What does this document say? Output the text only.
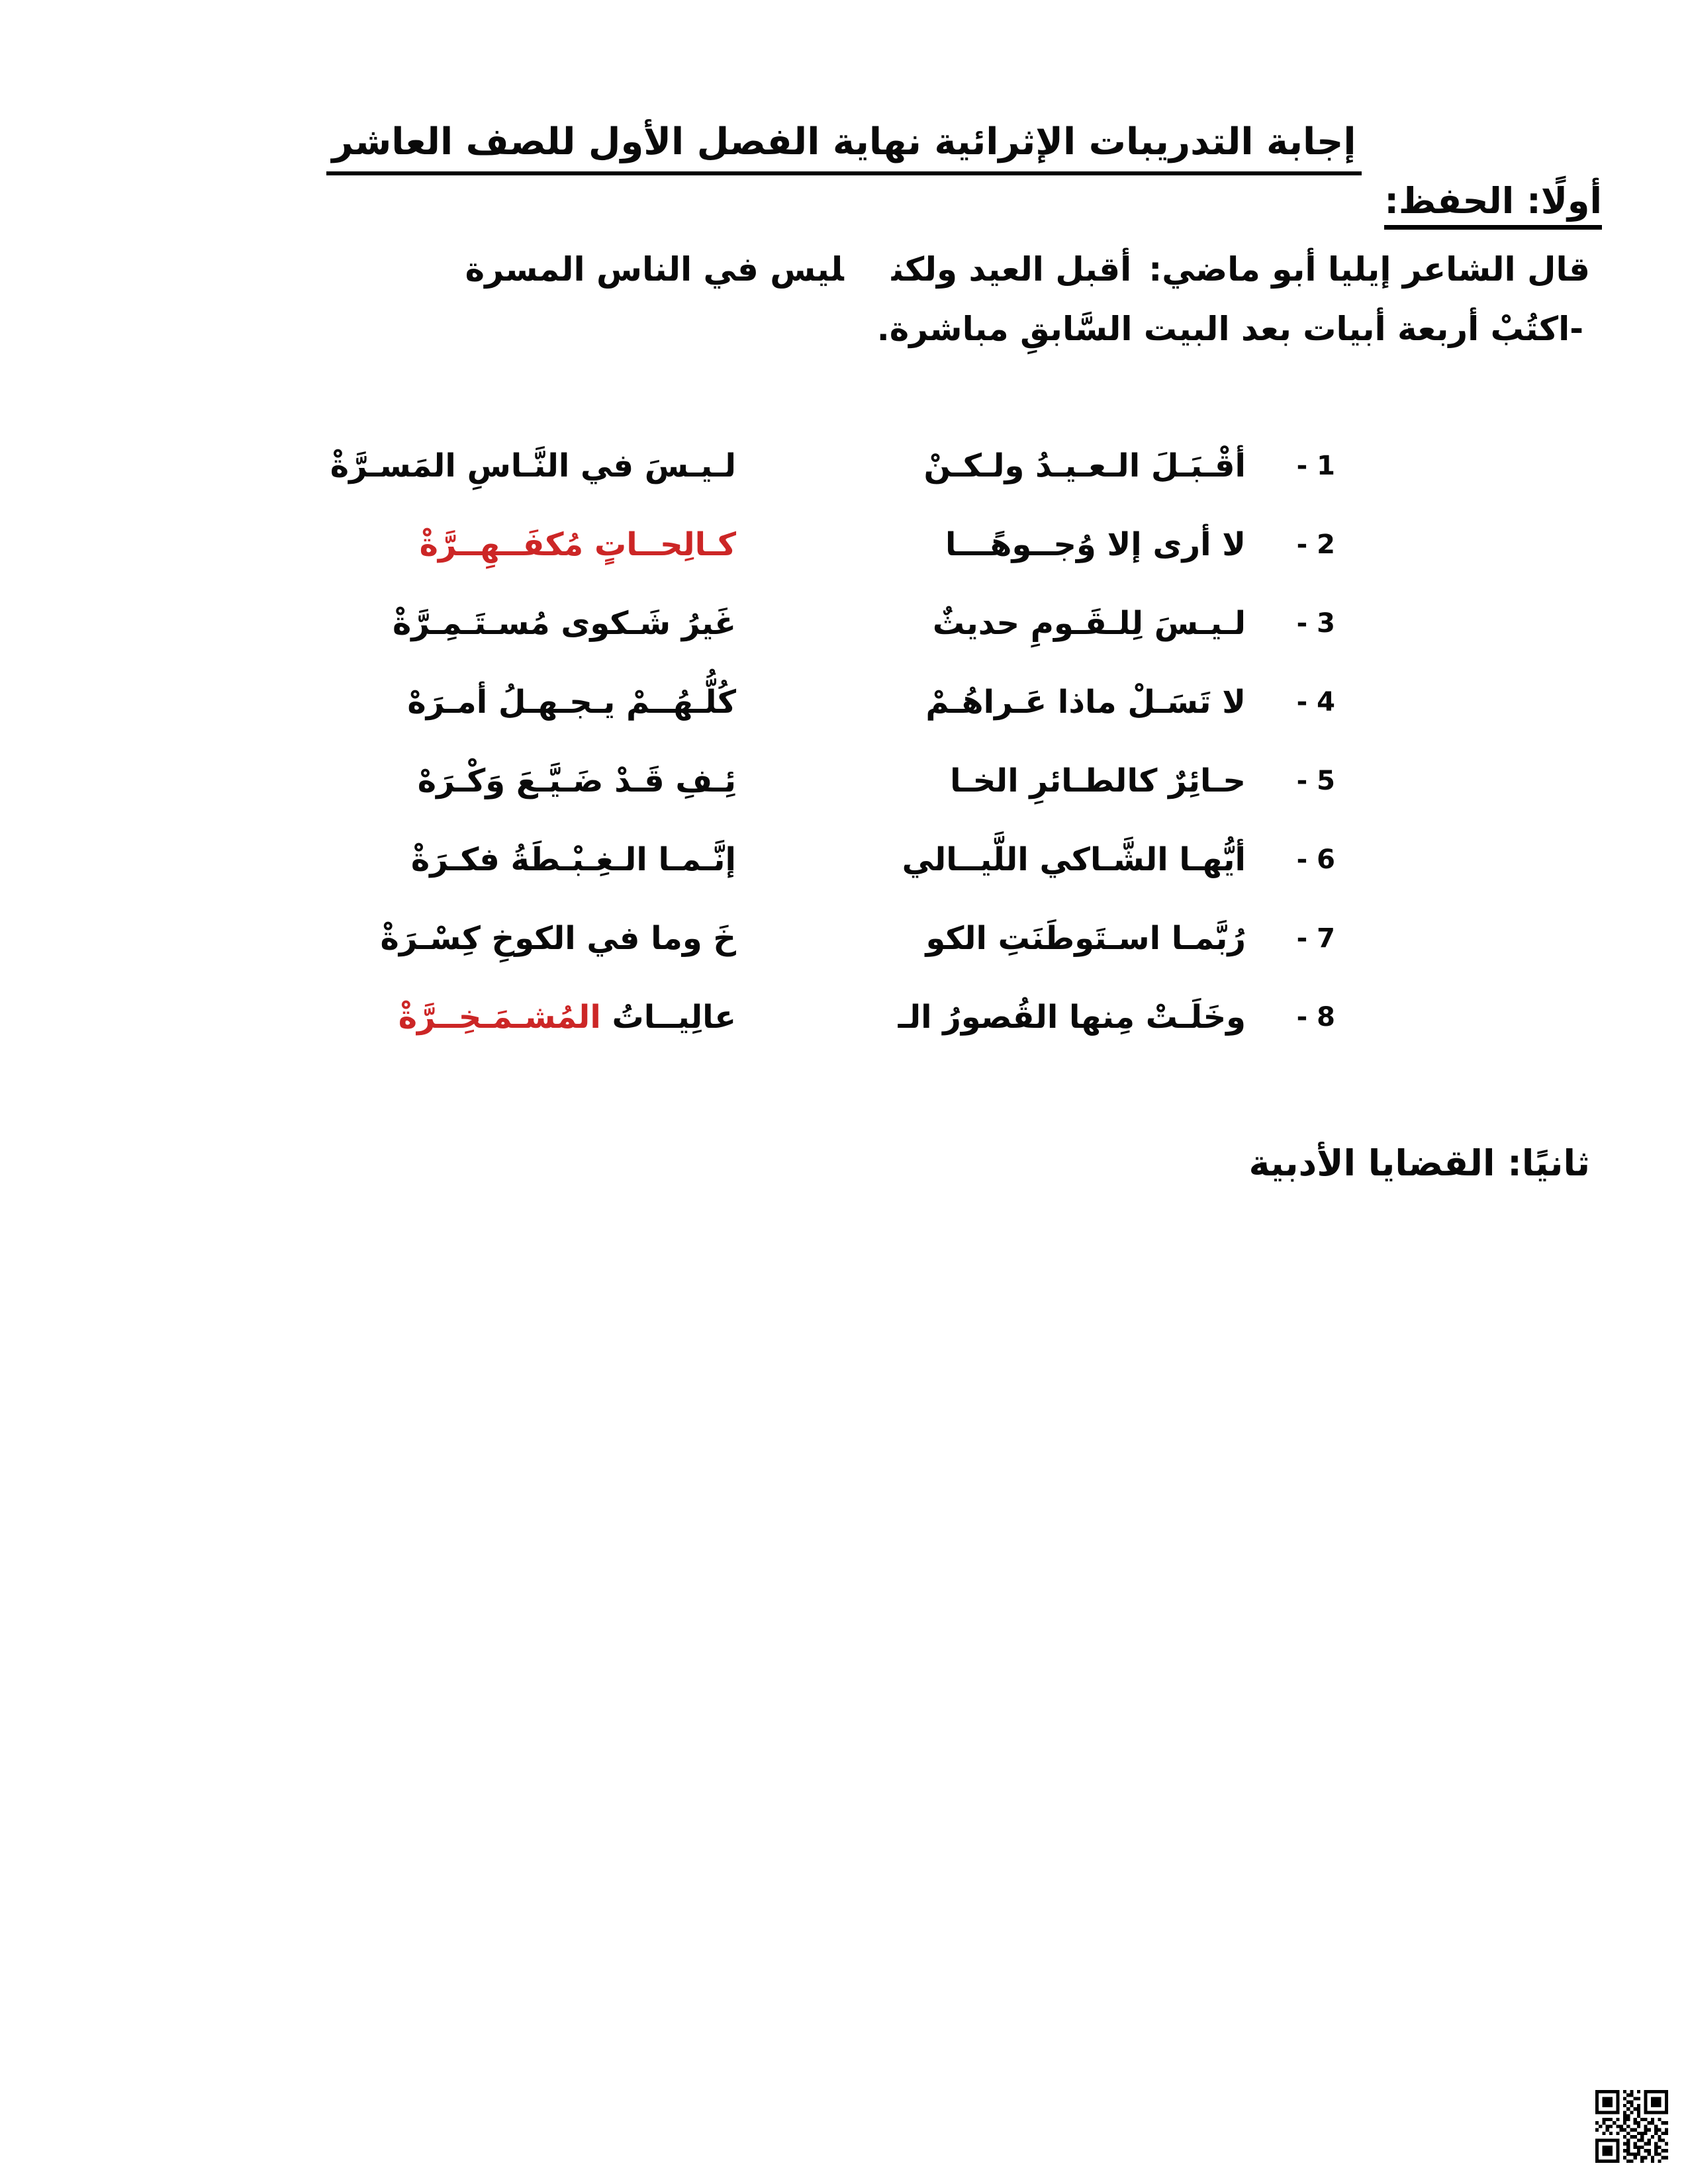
إجابة التدريبات الإثرائية نهاية الفصل الأول للصف العاشر
أولًا: الحفظ:
قال الشاعر إيليا أبو ماضي:أقبل العيد ولكنليس في الناس المسرة
-اكتُبْ أربعة أبيات بعد البيت السَّابقِ مباشرة.
1 -
أقْـبَـلَ الـعـيـدُ ولـكـنْ
لـيـسَ في النَّـاسِ المَسـرَّةْ
2 -
لا أرى إلا وُجــوهًـــا
كـالِحــاتٍ مُكفَــهِــرَّةْ
3 -
لـيـسَ لِلـقَـومِ حديثٌ
غَيرُ شَـكوى مُسـتَـمِـرَّةْ
4 -
لا تَسَـلْ ماذا عَـراهُـمْ
كُلُّـهُــمْ يـجـهـلُ أمـرَهْ
5 -
حـائِرٌ كالطـائرِ الخـا
ئِـفِ قَـدْ ضَـيَّـعَ وَكْـرَهْ
6 -
أيُّهـا الشَّـاكي اللَّيــالي
إنَّـمـا الـغِـبْـطَةُ فكـرَةْ
7 -
رُبَّمـا اسـتَوطَنَتِ الكو
خَ وما في الكوخِ كِسْـرَةْ
8 -
وخَلَـتْ مِنها القُصورُ الـ
عالِيــاتُ المُشـمَـخِــرَّةْ
ثانيًا: القضايا الأدبية
